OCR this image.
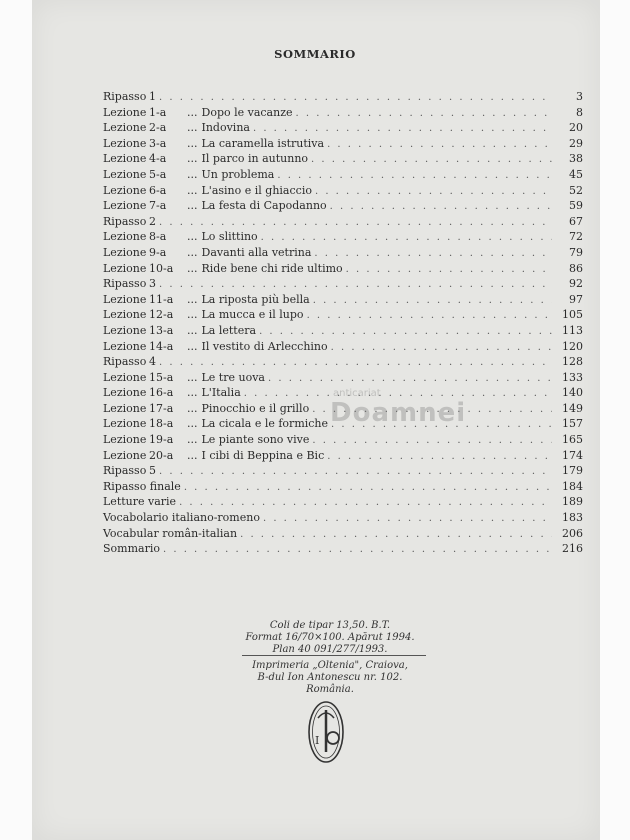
SOMMARIO
Ripasso 1 . . .	3
Lezione 1-a	... Dopo le vacanze . . .	8
Lezione 2-a	... Indovina . . .	20
Lezione 3-a	... La caramella istrutiva . . .	29
Lezione 4-a	... Il parco in autunno . . .	38
Lezione 5-a	... Un problema . . .	45
Lezione 6-a	... L'asino e il ghiaccio . . .	52
Lezione 7-a	... La festa di Capodanno . . .	59
Ripasso 2 . . .	67
Lezione 8-a	... Lo slittino . . .	72
Lezione 9-a	... Davanti alla vetrina . . .	79
Lezione 10-a	... Ride bene chi ride ultimo . . .	86
Ripasso 3 . . .	92
Lezione 11-a	... La riposta più bella . . .	97
Lezione 12-a	... La mucca e il lupo . . .	105
Lezione 13-a	... La lettera . . .	113
Lezione 14-a	... Il vestito di Arlecchino . . .	120
Ripasso 4 . . .	128
Lezione 15-a	... Le tre uova . . .	133
Lezione 16-a	... L'Italia . . .	140
Lezione 17-a	... Pinocchio e il grillo . . .	149
Lezione 18-a	... La cicala e le formiche . . .	157
Lezione 19-a	... Le piante sono vive . . .	165
Lezione 20-a	... I cibi di Beppina e Bic . . .	174
Ripasso 5 . . .	179
Ripasso finale . . .	184
Letture varie . . .	189
Vocabolario italiano-romeno . . .	183
Vocabular român-italian . . .	206
Sommario . . .	216
anticariat
Doamnei
Coli de tipar 13,50. B.T.
Format 16/70×100. Apărut 1994.
Plan 40 091/277/1993.
Imprimeria „Oltenia", Craiova,
B-dul Ion Antonescu nr. 102.
România.
I
